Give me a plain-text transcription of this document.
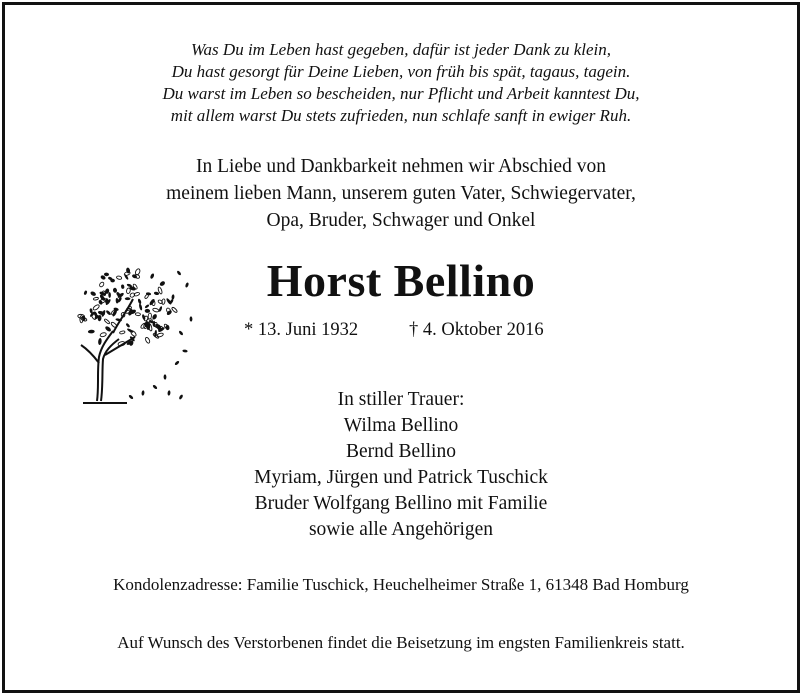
Was Du im Leben hast gegeben, dafür ist jeder Dank zu klein,
Du hast gesorgt für Deine Lieben, von früh bis spät, tagaus, tagein.
Du warst im Leben so bescheiden, nur Pflicht und Arbeit kanntest Du,
mit allem warst Du stets zufrieden, nun schlafe sanft in ewiger Ruh.
In Liebe und Dankbarkeit nehmen wir Abschied von
meinem lieben Mann, unserem guten Vater, Schwiegervater,
Opa, Bruder, Schwager und Onkel
Horst Bellino
* 13. Juni 1932	† 4. Oktober 2016
In stiller Trauer:
Wilma Bellino
Bernd Bellino
Myriam, Jürgen und Patrick Tuschick
Bruder Wolfgang Bellino mit Familie
sowie alle Angehörigen
Kondolenzadresse: Familie Tuschick, Heuchelheimer Straße 1, 61348 Bad Homburg
Auf Wunsch des Verstorbenen findet die Beisetzung im engsten Familienkreis statt.
